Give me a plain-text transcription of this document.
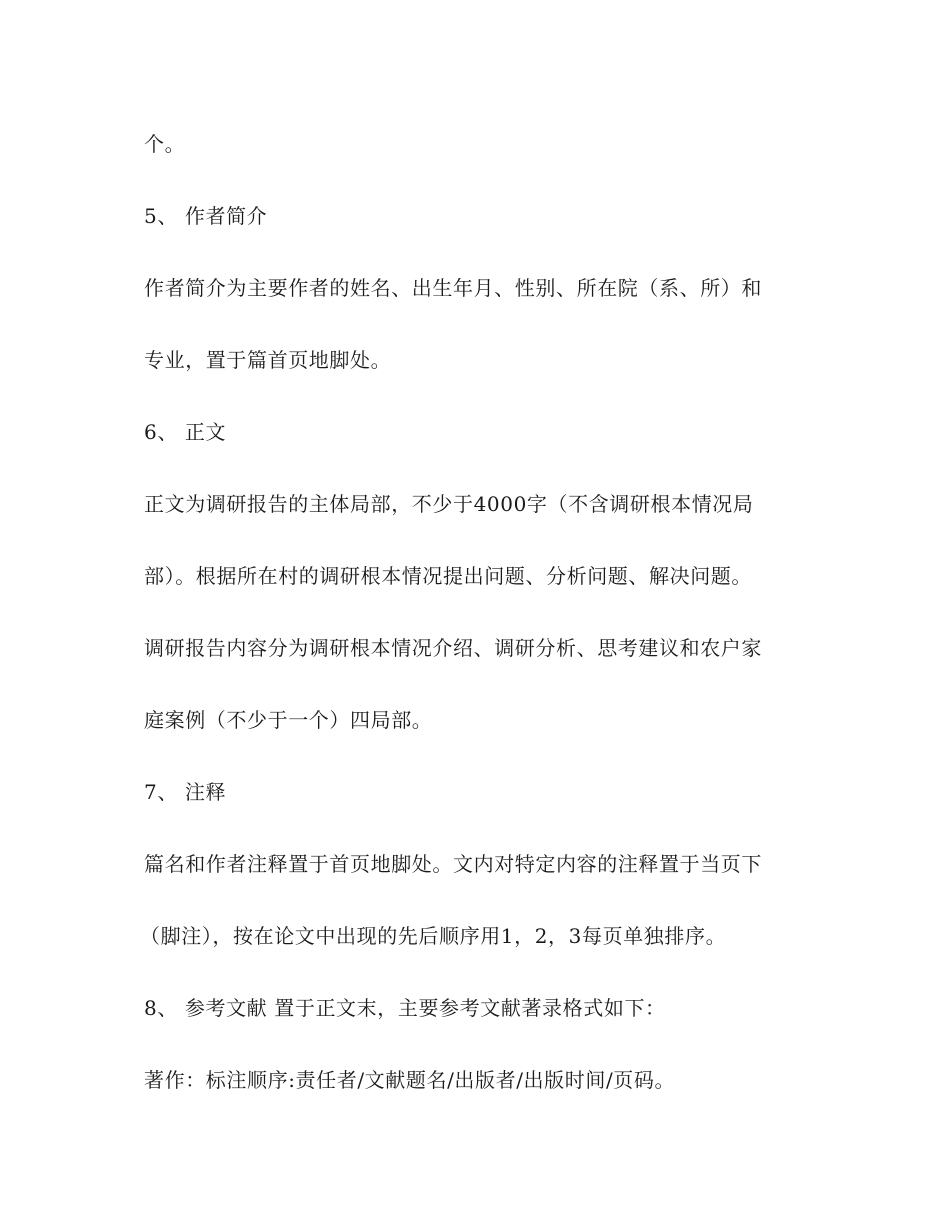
个。
5、 作者简介
作者简介为主要作者的姓名、出生年月、性别、所在院（系、所）和
专业，置于篇首页地脚处。
6、 正文
正文为调研报告的主体局部，不少于4000字（不含调研根本情况局
部）。根据所在村的调研根本情况提出问题、分析问题、解决问题。
调研报告内容分为调研根本情况介绍、调研分析、思考建议和农户家
庭案例（不少于一个）四局部。
7、 注释
篇名和作者注释置于首页地脚处。文内对特定内容的注释置于当页下
（脚注），按在论文中出现的先后顺序用1，2，3每页单独排序。
8、 参考文献 置于正文末，主要参考文献著录格式如下：
著作：标注顺序:责任者/文献题名/出版者/出版时间/页码。
